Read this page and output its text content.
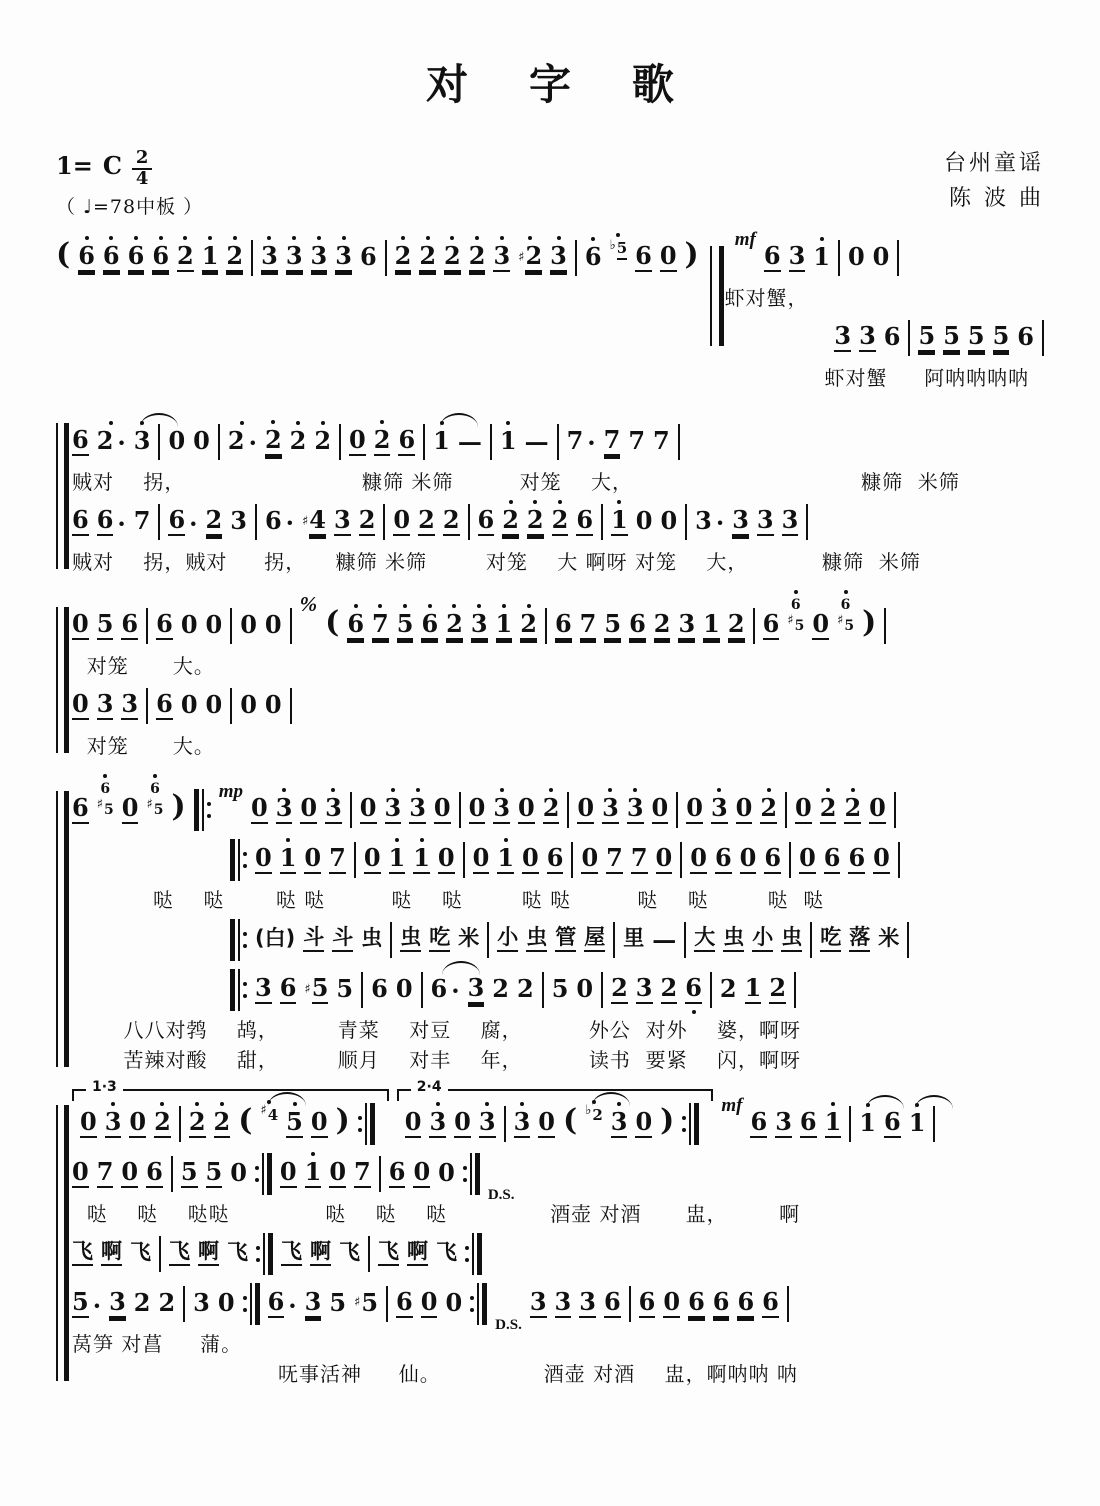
对 字 歌
1= C $\frac{2}{4}$
（ ♩=78中板 ）
台州童谣
陈 波 曲
( 6 6 6 6 2 1 2 3 3 3 3 6 2 2 2 2 3 ♯ 2 3 6 ♭ 5 6 0 ) mf
6 3 1 0 0
虾对蟹，
3 3 6 5 5 5 5 6
虾对蟹     阿呐呐呐呐
6 2 · 3 0 0 2 · 2 2 2 0 2 6 1 — 1 — 7 · 7 7 7
贼对    拐，                        糠筛 米筛         对笼    大，                               糠筛  米筛
6 6 · 7 6 · 2 3 6 · ♯ 4 3 2 0 2 2 6 2 2 2 6 1 0 0 3 · 3 3 3
贼对    拐，贼对     拐，    糠筛 米筛        对笼    大 啊呀 对笼    大，          糠筛  米筛
0 5 6 6 0 0 0 0
%
( 6 7 5 6 2 3 1 2 6 7 5 6 2 3 1 2 6
6
♯ 5 0
6
♯ 5 )
对笼      大。
0 3 3 6 0 0 0 0
对笼      大。
6
6
♯ 5 0
6
♯ 5 ) mp
0 3 0 3 0 3 3 0 0 3 0 2 0 3 3 0 0 3 0 2 0 2 2 0
0 1 0 7 0 1 1 0 0 1 0 6 0 7 7 0 0 6 0 6 0 6 6 0
哒    哒       哒 哒         哒    哒        哒 哒         哒    哒        哒  哒
(白) 斗 斗 虫 虫 吃 米 小 虫 管 屋 里 — 大 虫 小 虫 吃 落 米
3 6 ♯ 5 5 6 0 6 · 3 2 2 5 0 2 3 2 6 2 1 2
八八对鹁    鸪，        青菜    对豆    腐，         外公  对外    婆，啊呀
苦辣对酸    甜，        顺月    对丰    年，         读书  要紧    闪，啊呀
1·3
0 3 0 2 2 2 ( ♯ 4 5 0 )
2·4
0 3 0 3 3 0 ( ♭ 2 3 0 ) mf
6 3 6 1 1 6 1
0 7 0 6 5 5 0 0 1 0 7 6 0 0
D.S.
哒    哒    哒哒             哒    哒    哒              酒壶 对酒      盅，       啊
飞 啊 飞 飞 啊 飞 飞 啊 飞 飞 啊 飞
5 · 3 2 2 3 0 6 · 3 5 ♯ 5 6 0 0
D.S.
3 3 3 6 6 0 6 6 6 6
莴笋 对菖     蒲。
呒事活神     仙。              酒壶 对酒    盅，啊呐呐 呐
